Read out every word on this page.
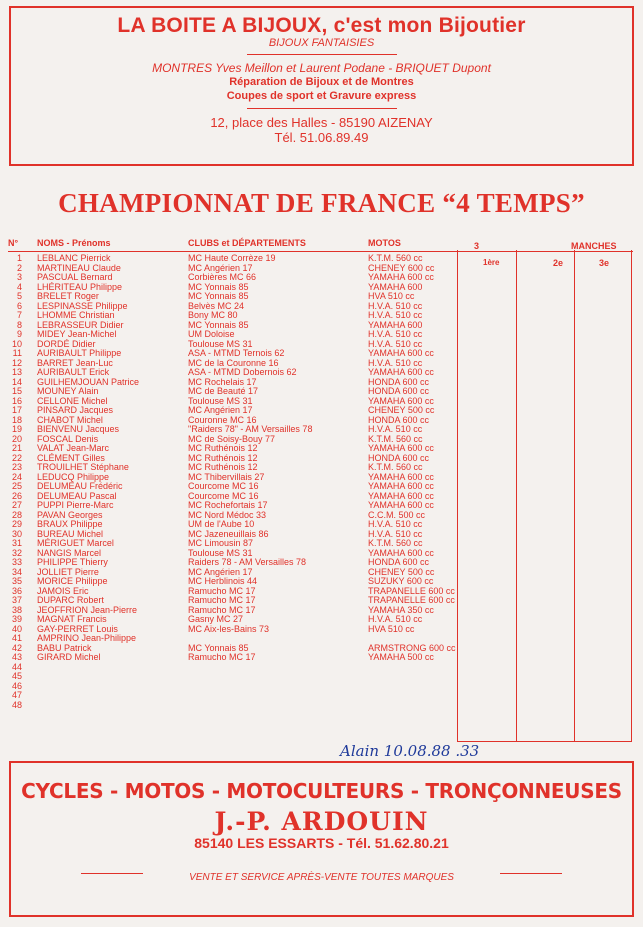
LA BOITE A BIJOUX, c'est mon Bijoutier
BIJOUX FANTAISIES
MONTRES Yves Meillon et Laurent Podane - BRIQUET Dupont
Réparation de Bijoux et de Montres
Coupes de sport et Gravure express
12, place des Halles - 85190 AIZENAY
Tél. 51.06.89.49
CHAMPIONNAT DE FRANCE “4 TEMPS”
1ère	2e	3e
N° NOMS - Prénoms	CLUBS et DÉPARTEMENTS	MOTOS	3	MANCHES
1 LEBLANC Pierrick	MC Haute Corrèze 19	K.T.M. 560 cc
2 MARTINEAU Claude	MC Angérien 17	CHENEY 600 cc
3 PASCUAL Bernard	Corbières MC 66	YAMAHA 600 cc
4 LHÉRITEAU Philippe	MC Yonnais 85	YAMAHA 600
5 BRELET Roger	MC Yonnais 85	HVA 510 cc
6 LESPINASSE Philippe	Belvès MC 24	H.V.A. 510 cc
7 LHOMME Christian	Bony MC 80	H.V.A. 510 cc
8 LEBRASSEUR Didier	MC Yonnais 85	YAMAHA 600
9 MIDEY Jean-Michel	UM Doloise	H.V.A. 510 cc
10 DORDÉ Didier	Toulouse MS 31	H.V.A. 510 cc
11 AURIBAULT Philippe	ASA - MTMD Ternois 62	YAMAHA 600 cc
12 BARRET Jean-Luc	MC de la Couronne 16	H.V.A. 510 cc
13 AURIBAULT Erick	ASA - MTMD Dobernois 62	YAMAHA 600 cc
14 GUILHEMJOUAN Patrice	MC Rochelais 17	HONDA 600 cc
15 MOUNEY Alain	MC de Beauté 17	HONDA 600 cc
16 CELLONE Michel	Toulouse MS 31	YAMAHA 600 cc
17 PINSARD Jacques	MC Angérien 17	CHENEY 500 cc
18 CHABOT Michel	Couronne MC 16	HONDA 600 cc
19 BIENVENU Jacques	"Raiders 78" - AM Versailles 78	H.V.A. 510 cc
20 FOSCAL Denis	MC de Soisy-Bouy 77	K.T.M. 560 cc
21 VALAT Jean-Marc	MC Ruthénois 12	YAMAHA 600 cc
22 CLÉMENT Gilles	MC Ruthénois 12	HONDA 600 cc
23 TROUILHET Stéphane	MC Ruthénois 12	K.T.M. 560 cc
24 LEDUCQ Philippe	MC Thibervillais 27	YAMAHA 600 cc
25 DELUMEAU Frédéric	Courcome MC 16	YAMAHA 600 cc
26 DELUMEAU Pascal	Courcome MC 16	YAMAHA 600 cc
27 PUPPI Pierre-Marc	MC Rochefortais 17	YAMAHA 600 cc
28 PAVAN Georges	MC Nord Médoc 33	C.C.M. 500 cc
29 BRAUX Philippe	UM de l'Aube 10	H.V.A. 510 cc
30 BUREAU Michel	MC Jazeneuillais 86	H.V.A. 510 cc
31 MÉRIGUET Marcel	MC Limousin 87	K.T.M. 560 cc
32 NANGIS Marcel	Toulouse MS 31	YAMAHA 600 cc
33 PHILIPPE Thierry	Raiders 78 - AM Versailles 78	HONDA 600 cc
34 JOLLIET Pierre	MC Angérien 17	CHENEY 500 cc
35 MORICE Philippe	MC Herblinois 44	SUZUKY 600 cc
36 JAMOIS Eric	Ramucho MC 17	TRAPANELLE 600 cc
37 DUPARC Robert	Ramucho MC 17	TRAPANELLE 600 cc
38 JEOFFRION Jean-Pierre	Ramucho MC 17	YAMAHA 350 cc
39 MAGNAT Francis	Gasny MC 27	H.V.A. 510 cc
40 GAY-PERRET Louis	MC Aix-les-Bains 73	HVA 510 cc
41 AMPRINO Jean-Philippe
42 BABU Patrick	MC Yonnais 85	ARMSTRONG 600 cc
43 GIRARD Michel	Ramucho MC 17	YAMAHA 500 cc
44
45
46
47
48
Alain 10.08.88 .33
CYCLES - MOTOS - MOTOCULTEURS - TRONÇONNEUSES
J.-P. ARDOUIN
85140 LES ESSARTS - Tél. 51.62.80.21
VENTE ET SERVICE APRÈS-VENTE TOUTES MARQUES
